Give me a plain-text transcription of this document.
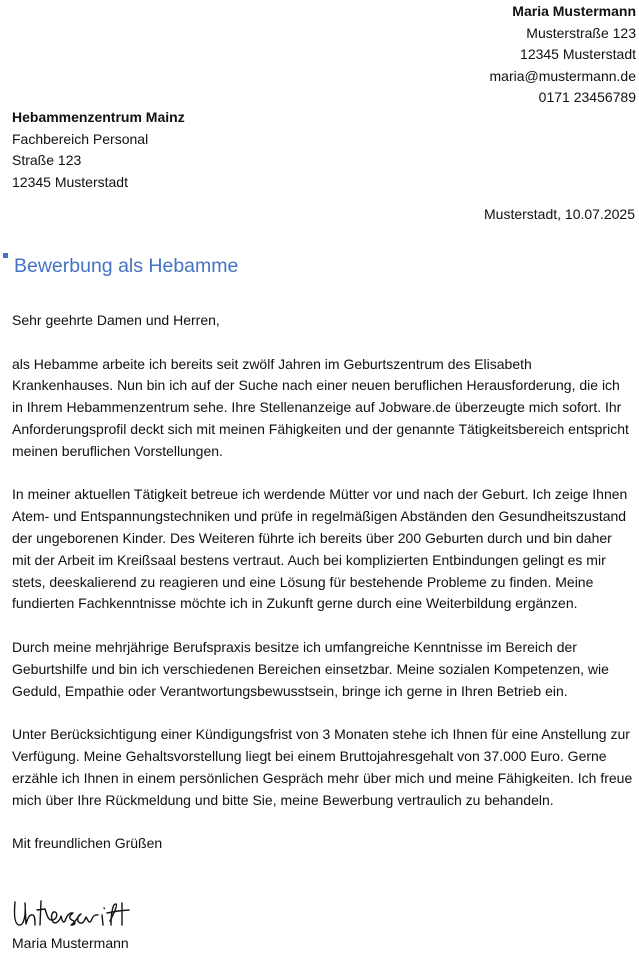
Maria Mustermann
Musterstraße 123
12345 Musterstadt
maria@mustermann.de
0171 23456789
Hebammenzentrum Mainz
Fachbereich Personal
Straße 123
12345 Musterstadt
Musterstadt, 10.07.2025
Bewerbung als Hebamme

Sehr geehrte Damen und Herren,

als Hebamme arbeite ich bereits seit zwölf Jahren im Geburtszentrum des Elisabeth Krankenhauses. Nun bin ich auf der Suche nach einer neuen beruflichen Herausforderung, die ich in Ihrem Hebammenzentrum sehe. Ihre Stellenanzeige auf Jobware.de überzeugte mich sofort. Ihr Anforderungsprofil deckt sich mit meinen Fähigkeiten und der genannte Tätigkeitsbereich entspricht meinen beruflichen Vorstellungen.

In meiner aktuellen Tätigkeit betreue ich werdende Mütter vor und nach der Geburt. Ich zeige Ihnen Atem- und Entspannungstechniken und prüfe in regelmäßigen Abständen den Gesundheitszustand der ungeborenen Kinder. Des Weiteren führte ich bereits über 200 Geburten durch und bin daher mit der Arbeit im Kreißsaal bestens vertraut. Auch bei komplizierten Entbindungen gelingt es mir stets, deeskalierend zu reagieren und eine Lösung für bestehende Probleme zu finden. Meine fundierten Fachkenntnisse möchte ich in Zukunft gerne durch eine Weiterbildung ergänzen.

Durch meine mehrjährige Berufspraxis besitze ich umfangreiche Kenntnisse im Bereich der Geburtshilfe und bin ich verschiedenen Bereichen einsetzbar. Meine sozialen Kompetenzen, wie Geduld, Empathie oder Verantwortungsbewusstsein, bringe ich gerne in Ihren Betrieb ein.

Unter Berücksichtigung einer Kündigungsfrist von 3 Monaten stehe ich Ihnen für eine Anstellung zur Verfügung. Meine Gehaltsvorstellung liegt bei einem Bruttojahresgehalt von 37.000 Euro. Gerne erzähle ich Ihnen in einem persönlichen Gespräch mehr über mich und meine Fähigkeiten. Ich freue mich über Ihre Rückmeldung und bitte Sie, meine Bewerbung vertraulich zu behandeln.

Mit freundlichen Grüßen

Maria Mustermann
